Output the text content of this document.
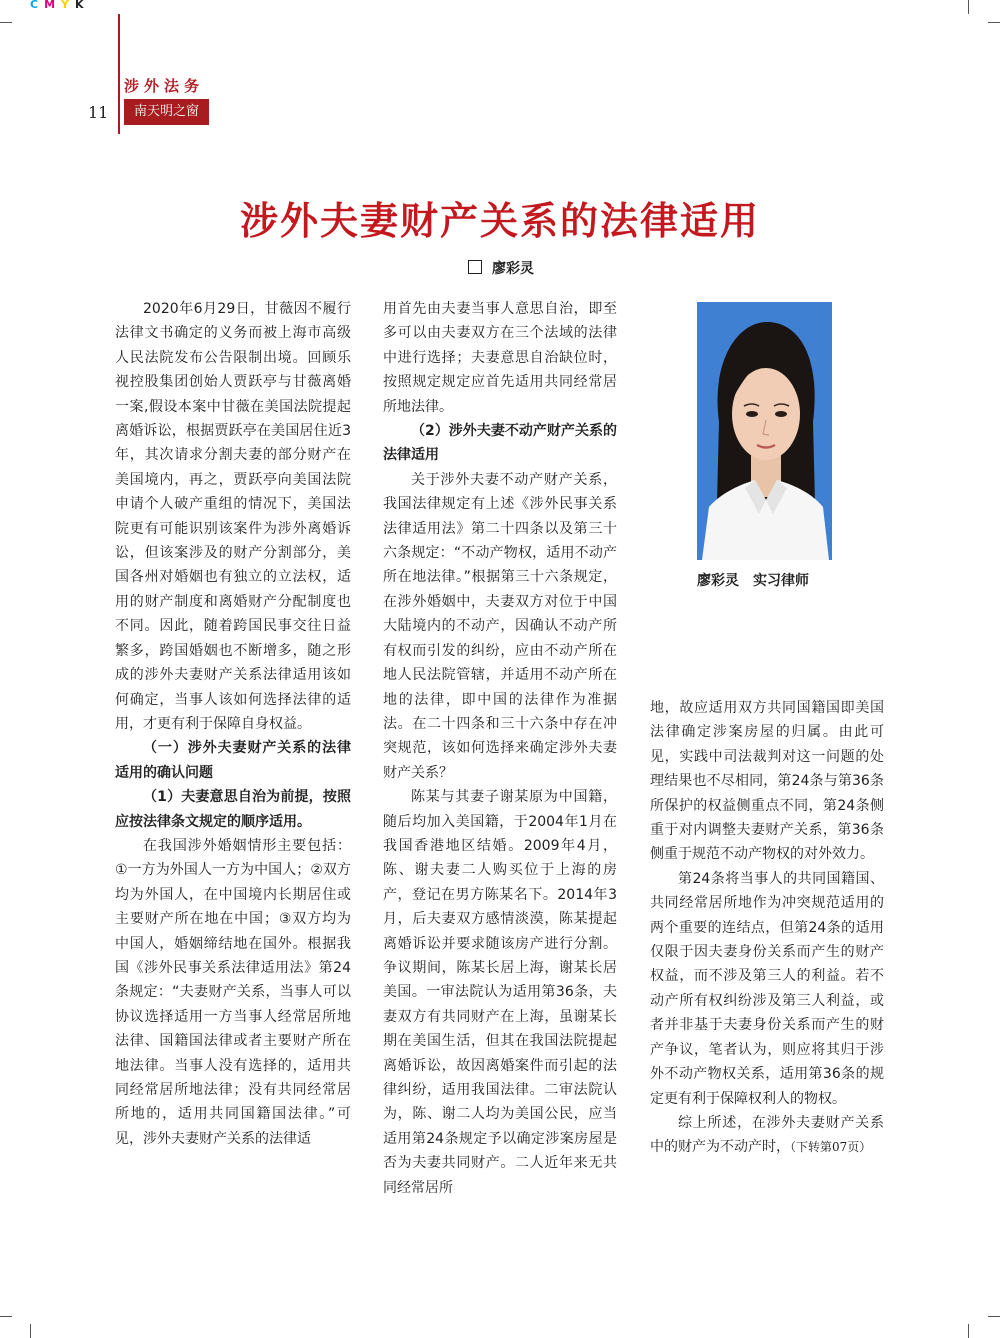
CMYK
涉外法务
11	南天明之窗
涉外夫妻财产关系的法律适用
廖彩灵

2020年6月29日，甘薇因不履行法律文书确定的义务而被上海市高级人民法院发布公告限制出境。回顾乐视控股集团创始人贾跃亭与甘薇离婚一案,假设本案中甘薇在美国法院提起离婚诉讼，根据贾跃亭在美国居住近3年，其次请求分割夫妻的部分财产在美国境内，再之，贾跃亭向美国法院申请个人破产重组的情况下，美国法院更有可能识别该案件为涉外离婚诉讼，但该案涉及的财产分割部分，美国各州对婚姻也有独立的立法权，适用的财产制度和离婚财产分配制度也不同。因此，随着跨国民事交往日益繁多，跨国婚姻也不断增多，随之形成的涉外夫妻财产关系法律适用该如何确定，当事人该如何选择法律的适用，才更有利于保障自身权益。

（一）涉外夫妻财产关系的法律适用的确认问题

（1）夫妻意思自治为前提，按照应按法律条文规定的顺序适用。

在我国涉外婚姻情形主要包括：①一方为外国人一方为中国人；②双方均为外国人，在中国境内长期居住或主要财产所在地在中国；③双方均为中国人，婚姻缔结地在国外。根据我国《涉外民事关系法律适用法》第24条规定：“夫妻财产关系，当事人可以协议选择适用一方当事人经常居所地法律、国籍国法律或者主要财产所在地法律。当事人没有选择的，适用共同经常居所地法律；没有共同经常居所地的，适用共同国籍国法律。”可见，涉外夫妻财产关系的法律适

用首先由夫妻当事人意思自治，即至多可以由夫妻双方在三个法域的法律中进行选择；夫妻意思自治缺位时，按照规定规定应首先适用共同经常居所地法律。

（2）涉外夫妻不动产财产关系的法律适用

关于涉外夫妻不动产财产关系，我国法律规定有上述《涉外民事关系法律适用法》第二十四条以及第三十六条规定：“不动产物权，适用不动产所在地法律。”根据第三十六条规定，在涉外婚姻中，夫妻双方对位于中国大陆境内的不动产，因确认不动产所有权而引发的纠纷，应由不动产所在地人民法院管辖，并适用不动产所在地的法律，即中国的法律作为准据法。在二十四条和三十六条中存在冲突规范，该如何选择来确定涉外夫妻财产关系？

陈某与其妻子谢某原为中国籍，随后均加入美国籍，于2004年1月在我国香港地区结婚。2009年4月，陈、谢夫妻二人购买位于上海的房产，登记在男方陈某名下。2014年3月，后夫妻双方感情淡漠，陈某提起离婚诉讼并要求随该房产进行分割。争议期间，陈某长居上海，谢某长居美国。一审法院认为适用第36条，夫妻双方有共同财产在上海，虽谢某长期在美国生活，但其在我国法院提起离婚诉讼，故因离婚案件而引起的法律纠纷，适用我国法律。二审法院认为，陈、谢二人均为美国公民，应当适用第24条规定予以确定涉案房屋是否为夫妻共同财产。二人近年来无共同经常居所

地，故应适用双方共同国籍国即美国法律确定涉案房屋的归属。由此可见，实践中司法裁判对这一问题的处理结果也不尽相同，第24条与第36条所保护的权益侧重点不同，第24条侧重于对内调整夫妻财产关系，第36条侧重于规范不动产物权的对外效力。

第24条将当事人的共同国籍国、共同经常居所地作为冲突规范适用的两个重要的连结点，但第24条的适用仅限于因夫妻身份关系而产生的财产权益，而不涉及第三人的利益。若不动产所有权纠纷涉及第三人利益，或者并非基于夫妻身份关系而产生的财产争议，笔者认为，则应将其归于涉外不动产物权关系，适用第36条的规定更有利于保障权利人的物权。

综上所述，在涉外夫妻财产关系中的财产为不动产时，（下转第07页）

廖彩灵　实习律师
